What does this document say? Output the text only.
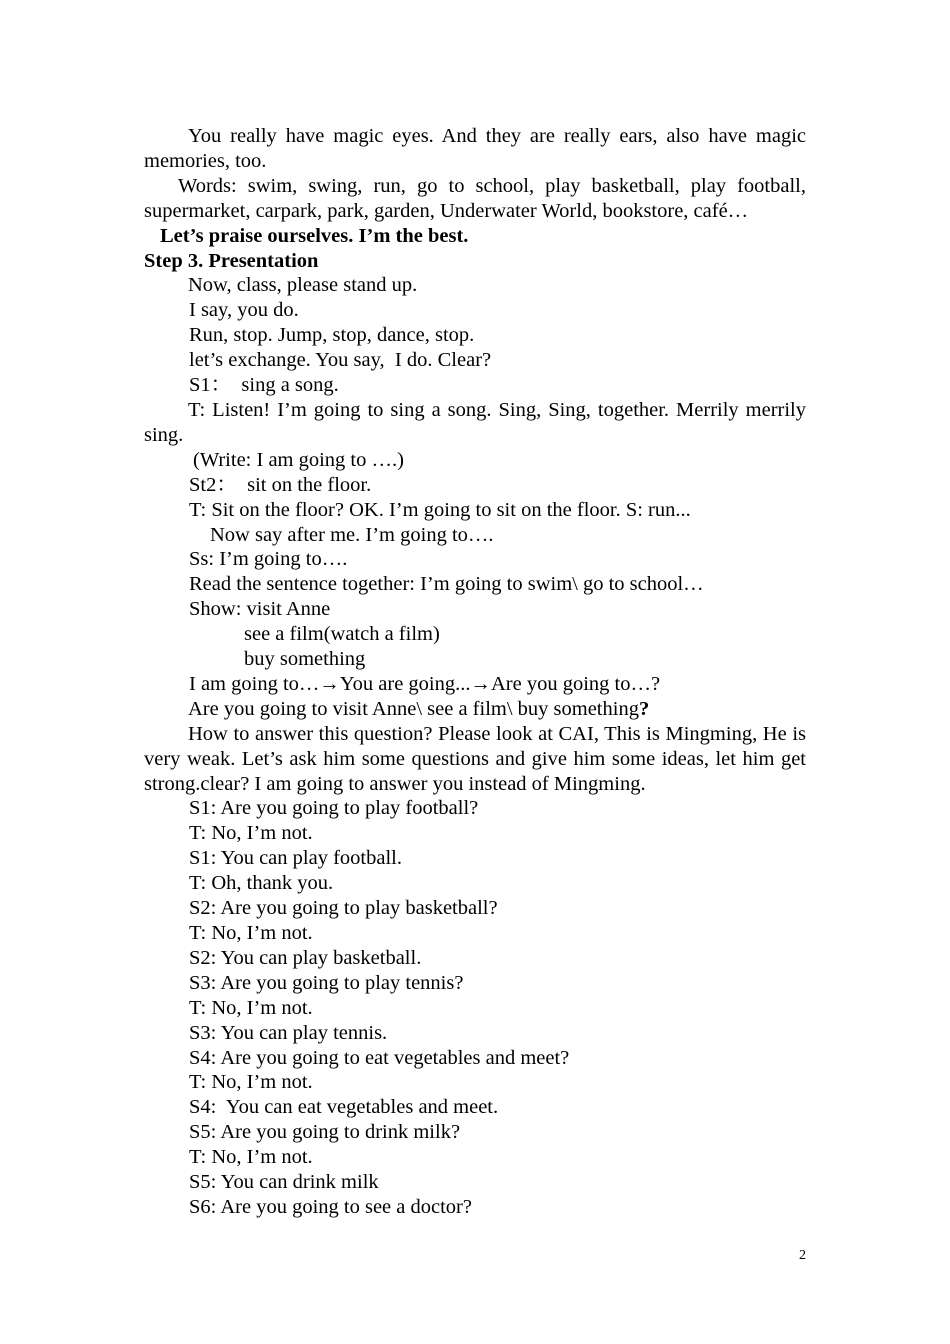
You really have magic eyes. And they are really ears, also have magic memories, too.

Words: swim, swing, run, go to school, play basketball, play football, supermarket, carpark, park, garden, Underwater World, bookstore, café…

Let’s praise ourselves. I’m the best.

Step 3. Presentation

Now, class, please stand up.

I say, you do.

Run, stop. Jump, stop, dance, stop.

let’s exchange. You say,  I do. Clear?

S1：  sing a song.

T: Listen! I’m going to sing a song. Sing, Sing, together. Merrily merrily sing.

(Write: I am going to ….)

St2：  sit on the floor.

T: Sit on the floor? OK. I’m going to sit on the floor. S: run...

Now say after me. I’m going to….

Ss: I’m going to….

Read the sentence together: I’m going to swim\ go to school…

Show: visit Anne

see a film(watch a film)

buy something

I am going to…→You are going...→Are you going to…?

Are you going to visit Anne\ see a film\ buy something?

How to answer this question? Please look at CAI, This is Mingming, He is very weak. Let’s ask him some questions and give him some ideas, let him get strong.clear? I am going to answer you instead of Mingming.

S1: Are you going to play football?

T: No, I’m not.

S1: You can play football.

T: Oh, thank you.

S2: Are you going to play basketball?

T: No, I’m not.

S2: You can play basketball.

S3: Are you going to play tennis?

T: No, I’m not.

S3: You can play tennis.

S4: Are you going to eat vegetables and meet?

T: No, I’m not.

S4:  You can eat vegetables and meet.

S5: Are you going to drink milk?

T: No, I’m not.

S5: You can drink milk

S6: Are you going to see a doctor?

2
